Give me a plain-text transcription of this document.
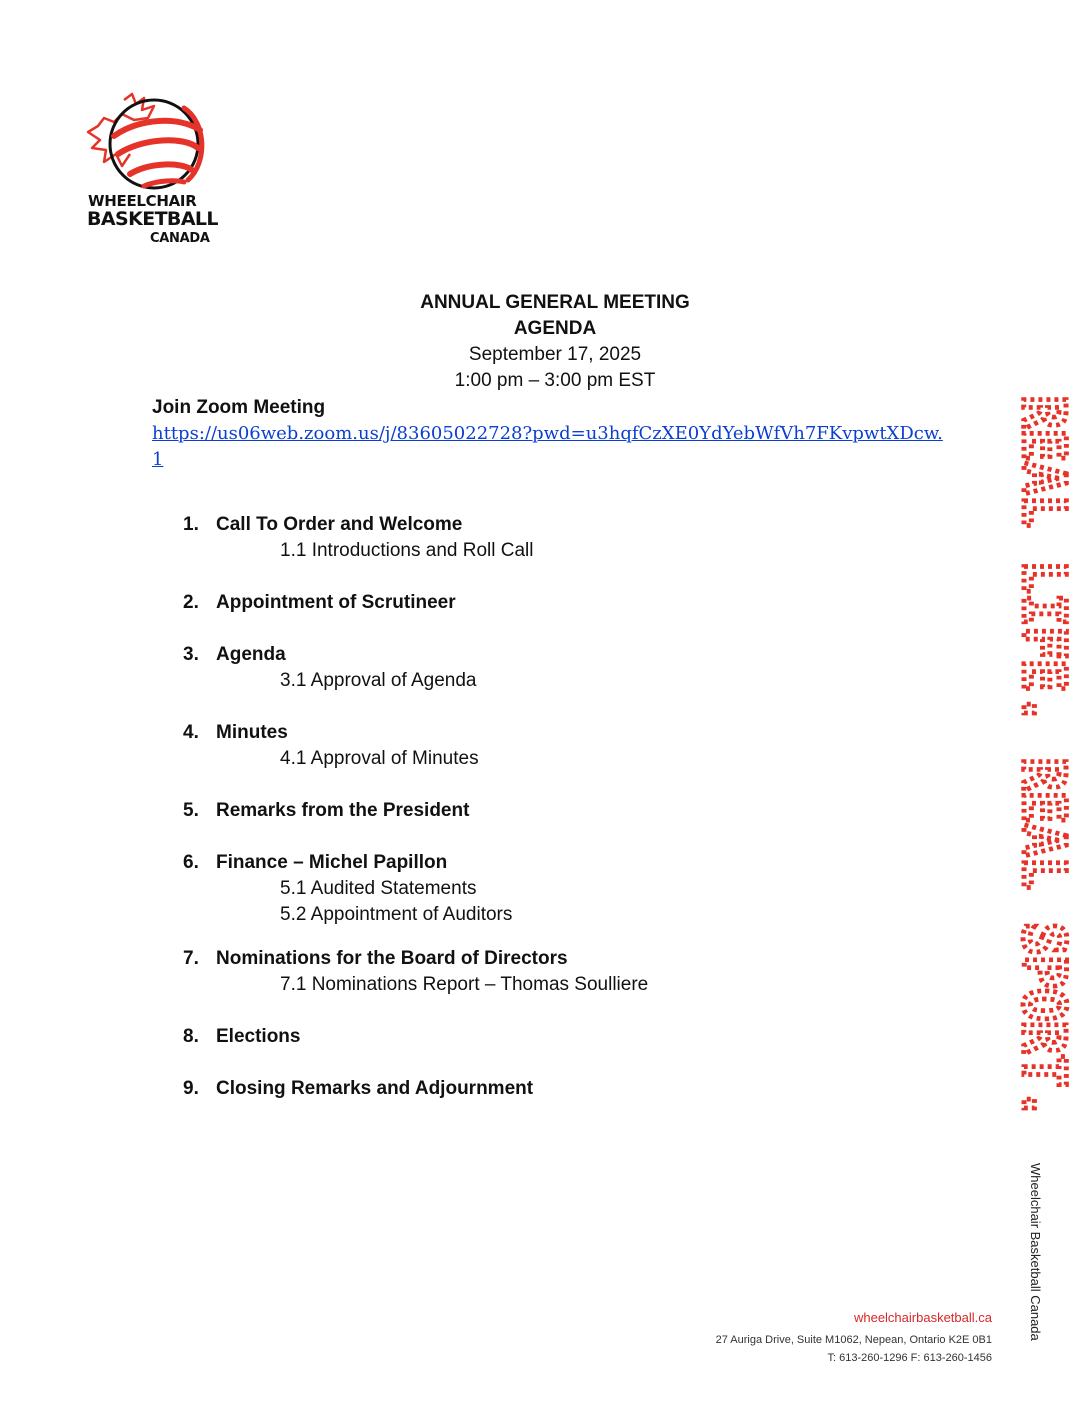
WHEELCHAIR
BASKETBALL
CANADA
ANNUAL GENERAL MEETING
AGENDA
September 17, 2025
1:00 pm – 3:00 pm EST
Join Zoom Meeting
https://us06web.zoom.us/j/83605022728?pwd=u3hqfCzXE0YdYebWfVh7FKvpwtXDcw.1
1. Call To Order and Welcome
1.1 Introductions and Roll Call
2. Appointment of Scrutineer
3. Agenda
3.1 Approval of Agenda
4. Minutes
4.1 Approval of Minutes
5. Remarks from the President
6. Finance – Michel Papillon
5.1 Audited Statements
5.2 Appointment of Auditors
7. Nominations for the Board of Directors
7.1 Nominations Report – Thomas Soulliere
8. Elections
9. Closing Remarks and Adjournment	REAL LIFE. REAL SPORT.
Wheelchair Basketball Canada
wheelchairbasketball.ca
27 Auriga Drive, Suite M1062, Nepean, Ontario K2E 0B1
T: 613-260-1296 F: 613-260-1456
